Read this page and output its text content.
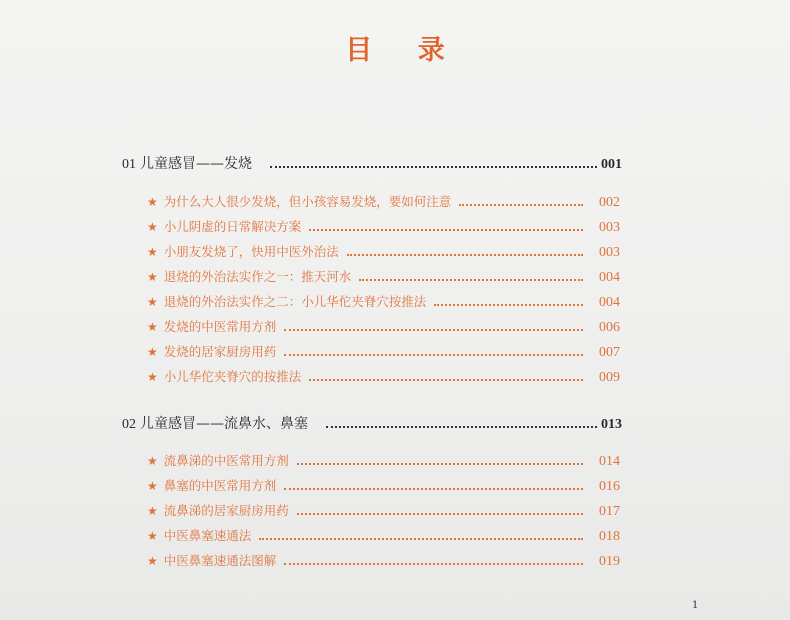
目 录
01 儿童感冒——发烧	001
★ 为什么大人很少发烧，但小孩容易发烧，要如何注意	002
★ 小儿阴虚的日常解决方案	003
★ 小朋友发烧了，快用中医外治法	003
★ 退烧的外治法实作之一：推天河水	004
★ 退烧的外治法实作之二：小儿华佗夹脊穴按推法	004
★ 发烧的中医常用方剂	006
★ 发烧的居家厨房用药	007
★ 小儿华佗夹脊穴的按推法	009
02 儿童感冒——流鼻水、鼻塞	013
★ 流鼻涕的中医常用方剂	014
★ 鼻塞的中医常用方剂	016
★ 流鼻涕的居家厨房用药	017
★ 中医鼻塞速通法	018
★ 中医鼻塞速通法图解	019
1
